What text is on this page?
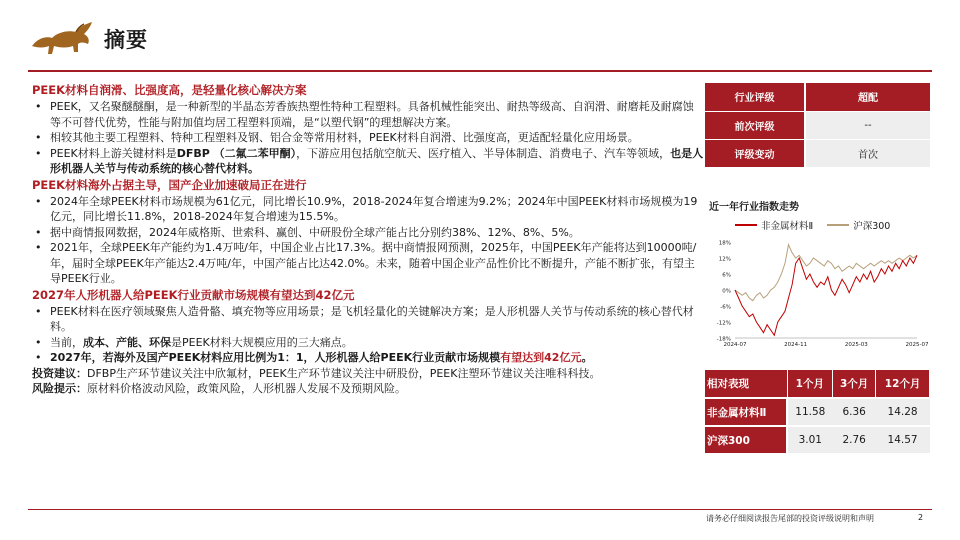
摘要
PEEK材料自润滑、比强度高，是轻量化核心解决方案
• PEEK，又名聚醚醚酮，是一种新型的半晶态芳香族热塑性特种工程塑料。具备机械性能突出、耐热等级高、自润滑、耐磨耗及耐腐蚀等不可替代优势，性能与附加值均居工程塑料顶端，是“以塑代钢”的理想解决方案。
• 相较其他主要工程塑料、特种工程塑料及钢、铝合金等常用材料，PEEK材料自润滑、比强度高，更适配轻量化应用场景。
• PEEK材料上游关键材料是DFBP （二氟二苯甲酮），下游应用包括航空航天、医疗植入、半导体制造、消费电子、汽车等领域，也是人形机器人关节与传动系统的核心替代材料。
PEEK材料海外占据主导，国产企业加速破局正在进行
• 2024年全球PEEK材料市场规模为61亿元，同比增长10.9%，2018-2024年复合增速为9.2%；2024年中国PEEK材料市场规模为19亿元，同比增长11.8%，2018-2024年复合增速为15.5%。
• 据中商情报网数据，2024年威格斯、世索科、赢创、中研股份全球产能占比分别约38%、12%、8%、5%。
• 2021年，全球PEEK年产能约为1.4万吨/年，中国企业占比17.3%。据中商情报网预测，2025年，中国PEEK年产能将达到10000吨/年，届时全球PEEK年产能达2.4万吨/年，中国产能占比达42.0%。未来，随着中国企业产品性价比不断提升，产能不断扩张，有望主导PEEK行业。
2027年人形机器人给PEEK行业贡献市场规模有望达到42亿元
• PEEK材料在医疗领域聚焦人造骨骼、填充物等应用场景；是飞机轻量化的关键解决方案；是人形机器人关节与传动系统的核心替代材料。
• 当前，成本、产能、环保是PEEK材料大规模应用的三大痛点。
• 2027年，若海外及国产PEEK材料应用比例为1：1，人形机器人给PEEK行业贡献市场规模有望达到42亿元。
投资建议：DFBP生产环节建议关注中欣氟材，PEEK生产环节建议关注中研股份，PEEK注塑环节建议关注唯科科技。
风险提示：原材料价格波动风险，政策风险，人形机器人发展不及预期风险。
行业评级	超配
前次评级	--
评级变动	首次
近一年行业指数走势
非金属材料Ⅱ	沪深300
18%
12%
6%
0%
-6%
-12%
-18%
2024-07	2024-11	2025-03	2025-07
相对表现	1个月	3个月	12个月
非金属材料Ⅱ	11.58	6.36	14.28
沪深300	3.01	2.76	14.57
请务必仔细阅读报告尾部的投资评级说明和声明	2
